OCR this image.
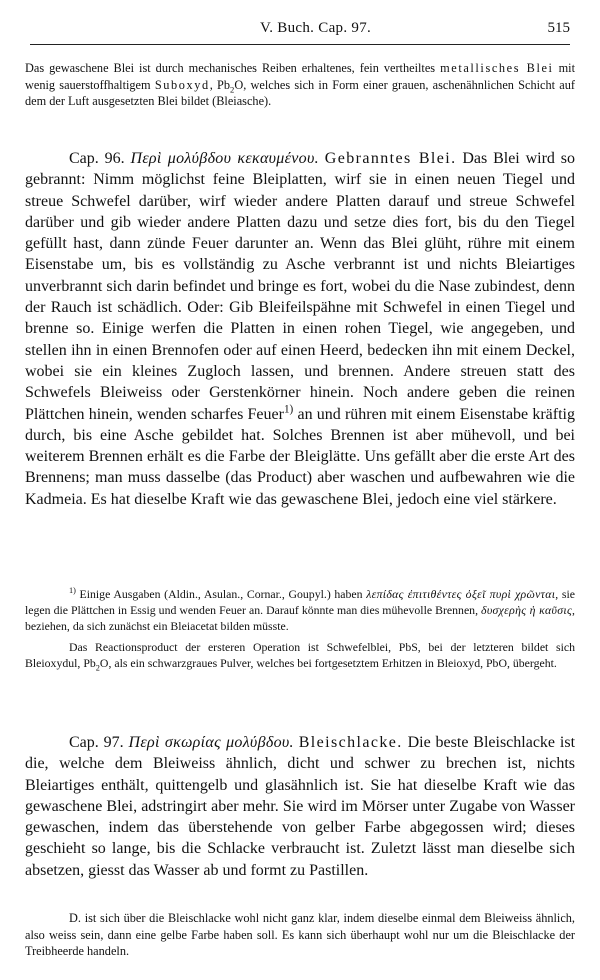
V. Buch. Cap. 97.	515

Das gewaschene Blei ist durch mechanisches Reiben erhaltenes, fein vertheiltes metallisches Blei mit wenig sauerstoffhaltigem Suboxyd, $Pb_2O$, welches sich in Form einer grauen, aschenähnlichen Schicht auf dem der Luft ausgesetzten Blei bildet (Bleiasche).

Cap. 96. Περὶ μολύβδου κεκαυμένου. Gebranntes Blei. Das Blei wird so gebrannt: Nimm möglichst feine Bleiplatten, wirf sie in einen neuen Tiegel und streue Schwefel darüber, wirf wieder andere Platten darauf und streue Schwefel darüber und gib wieder andere Platten dazu und setze dies fort, bis du den Tiegel gefüllt hast, dann zünde Feuer darunter an. Wenn das Blei glüht, rühre mit einem Eisenstabe um, bis es vollständig zu Asche verbrannt ist und nichts Bleiartiges unverbrannt sich darin befindet und bringe es fort, wobei du die Nase zubindest, denn der Rauch ist schädlich. Oder: Gib Bleifeilspähne mit Schwefel in einen Tiegel und brenne so. Einige werfen die Platten in einen rohen Tiegel, wie angegeben, und stellen ihn in einen Brennofen oder auf einen Heerd, bedecken ihn mit einem Deckel, wobei sie ein kleines Zugloch lassen, und brennen. Andere streuen statt des Schwefels Bleiweiss oder Gerstenkörner hinein. Noch andere geben die reinen Plättchen hinein, wenden scharfes Feuer$^{1)}$ an und rühren mit einem Eisenstabe kräftig durch, bis eine Asche gebildet hat. Solches Brennen ist aber mühevoll, und bei weiterem Brennen erhält es die Farbe der Bleiglätte. Uns gefällt aber die erste Art des Brennens; man muss dasselbe (das Product) aber waschen und aufbewahren wie die Kadmeia. Es hat dieselbe Kraft wie das gewaschene Blei, jedoch eine viel stärkere.

$^{1)}$ Einige Ausgaben (Aldin., Asulan., Cornar., Goupyl.) haben λεπίδας ἐπιτιθέντες ὀξεῖ πυρὶ χρῶνται, sie legen die Plättchen in Essig und wenden Feuer an. Darauf könnte man dies mühevolle Brennen, δυσχερὴς ἡ καῦσις, beziehen, da sich zunächst ein Bleiacetat bilden müsste.

Das Reactionsproduct der ersteren Operation ist Schwefelblei, PbS, bei der letzteren bildet sich Bleioxydul, $Pb_2O$, als ein schwarzgraues Pulver, welches bei fortgesetztem Erhitzen in Bleioxyd, PbO, übergeht.

Cap. 97. Περὶ σκωρίας μολύβδου. Bleischlacke. Die beste Bleischlacke ist die, welche dem Bleiweiss ähnlich, dicht und schwer zu brechen ist, nichts Bleiartiges enthält, quittengelb und glasähnlich ist. Sie hat dieselbe Kraft wie das gewaschene Blei, adstringirt aber mehr. Sie wird im Mörser unter Zugabe von Wasser gewaschen, indem das überstehende von gelber Farbe abgegossen wird; dieses geschieht so lange, bis die Schlacke verbraucht ist. Zuletzt lässt man dieselbe sich absetzen, giesst das Wasser ab und formt zu Pastillen.

D. ist sich über die Bleischlacke wohl nicht ganz klar, indem dieselbe einmal dem Bleiweiss ähnlich, also weiss sein, dann eine gelbe Farbe haben soll. Es kann sich überhaupt wohl nur um die Bleischlacke der Treibheerde handeln.
